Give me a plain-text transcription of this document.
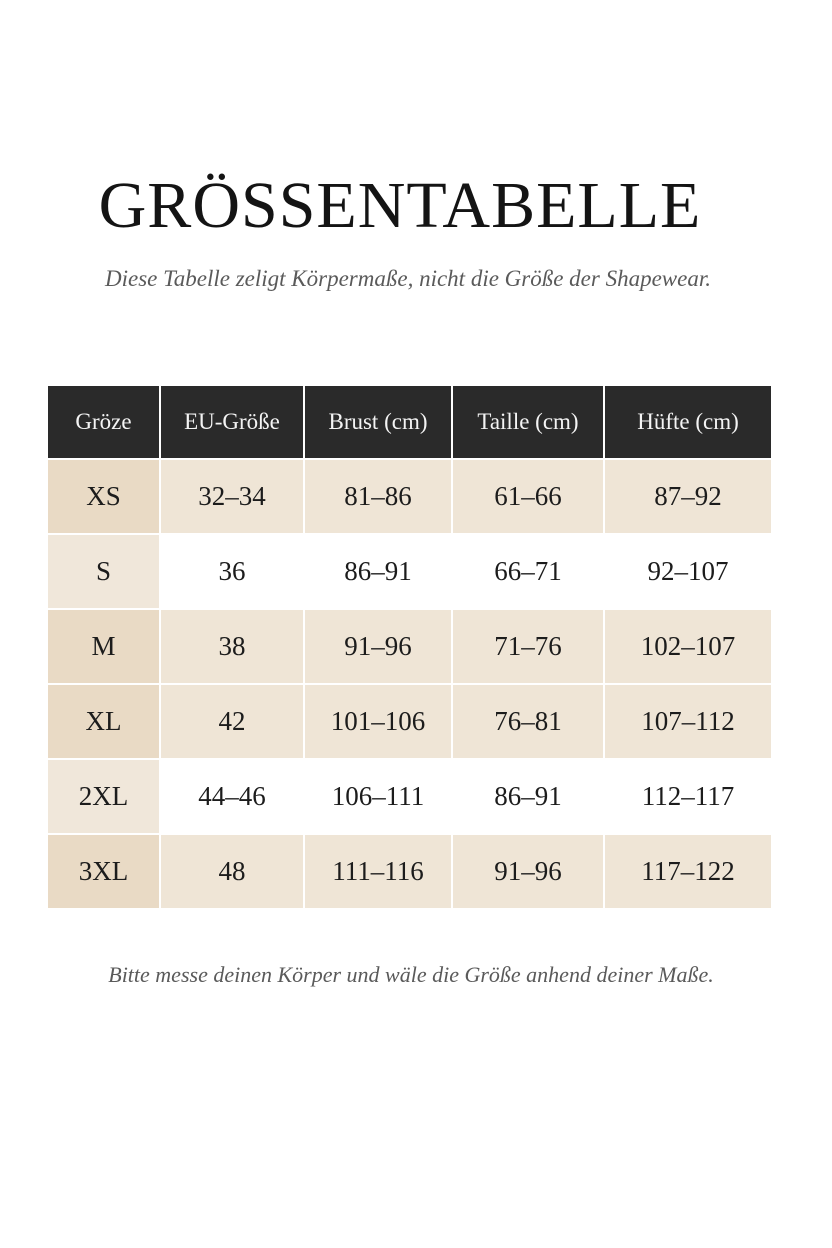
GRÖSSENTABELLE

Diese Tabelle zeligt Körpermaße, nicht die Größe der Shapewear.

Gröze	EU-Größe	Brust (cm)	Taille (cm)	Hüfte (cm)
XS	32–34	81–86	61–66	87–92
S	36	86–91	66–71	92–107
M	38	91–96	71–76	102–107
XL	42	101–106	76–81	107–112
2XL	44–46	106–111	86–91	112–117
3XL	48	111–116	91–96	117–122

Bitte messe deinen Körper und wäle die Größe anhend deiner Maße.
